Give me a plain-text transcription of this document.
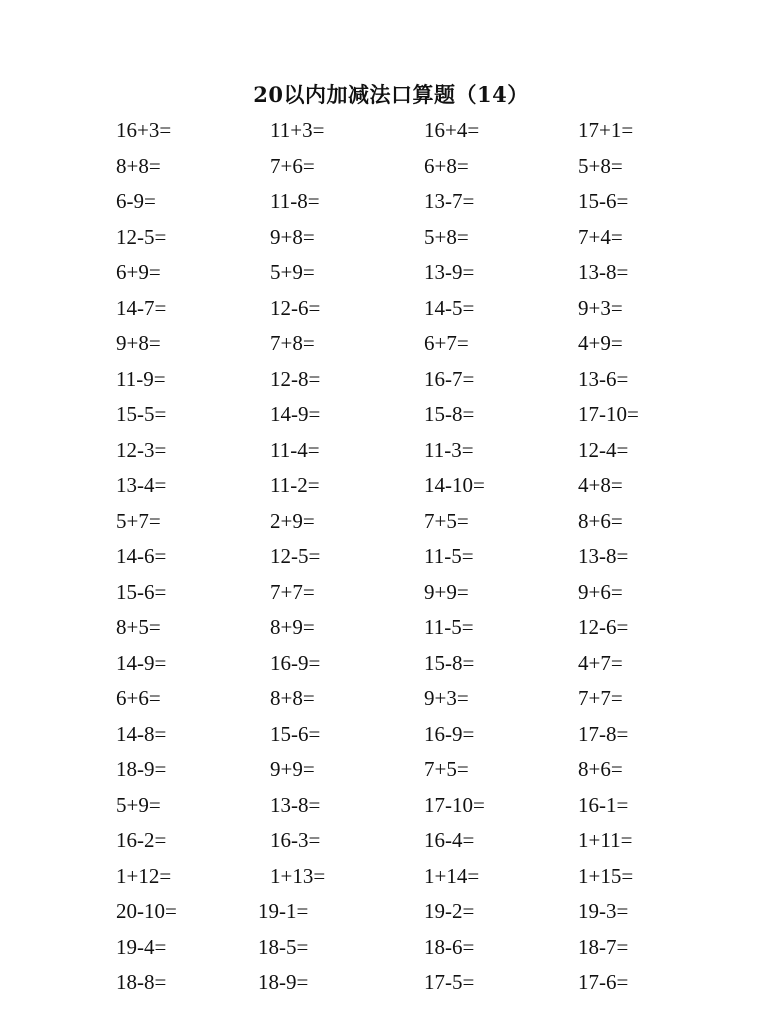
20以内加减法口算题（14）
16+3=	11+3=	16+4=	17+1=
8+8=	7+6=	6+8=	5+8=
6-9=	11-8=	13-7=	15-6=
12-5=	9+8=	5+8=	7+4=
6+9=	5+9=	13-9=	13-8=
14-7=	12-6=	14-5=	9+3=
9+8=	7+8=	6+7=	4+9=
11-9=	12-8=	16-7=	13-6=
15-5=	14-9=	15-8=	17-10=
12-3=	11-4=	11-3=	12-4=
13-4=	11-2=	14-10=	4+8=
5+7=	2+9=	7+5=	8+6=
14-6=	12-5=	11-5=	13-8=
15-6=	7+7=	9+9=	9+6=
8+5=	8+9=	11-5=	12-6=
14-9=	16-9=	15-8=	4+7=
6+6=	8+8=	9+3=	7+7=
14-8=	15-6=	16-9=	17-8=
18-9=	9+9=	7+5=	8+6=
5+9=	13-8=	17-10=	16-1=
16-2=	16-3=	16-4=	1+11=
1+12=	1+13=	1+14=	1+15=
20-10=	19-1=	19-2=	19-3=
19-4=	18-5=	18-6=	18-7=
18-8=	18-9=	17-5=	17-6=
